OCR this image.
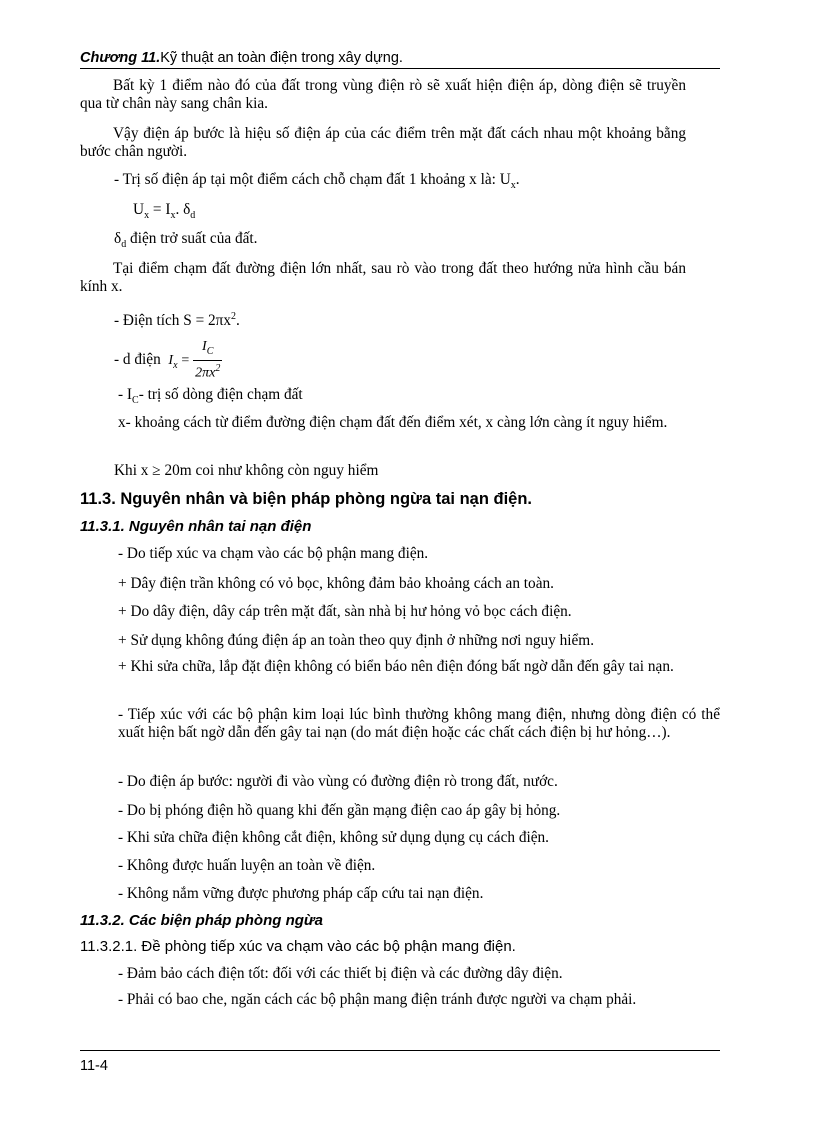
Chương 11.Kỹ thuật an toàn điện trong xây dựng.
Bất kỳ 1 điểm nào đó của đất trong vùng điện rò sẽ xuất hiện điện áp, dòng điện sẽ truyền qua từ chân này sang chân kia.
Vậy điện áp bước là hiệu số điện áp của các điểm trên mặt đất cách nhau một khoảng bằng bước chân người.
- Trị số điện áp tại một điểm cách chỗ chạm đất 1 khoảng x là: $U_x$.
$U_x = I_x$. $\delta_d$
$\delta_d$ điện trở suất của đất.
Tại điểm chạm đất đường điện lớn nhất, sau rò vào trong đất theo hướng nửa hình cầu bán kính x.
- Điện tích $S = 2\pi x^2$.
- d điện $I_x = \frac{I_C}{2\pi x^2}$
- $I_C-$ trị số dòng điện chạm đất
x- khoảng cách từ điểm đường điện chạm đất đến điểm xét, x càng lớn càng ít nguy hiểm.
Khi x ≥ 20m coi như không còn nguy hiểm
11.3. Nguyên nhân và biện pháp phòng ngừa tai nạn điện.
11.3.1. Nguyên nhân tai nạn điện
- Do tiếp xúc va chạm vào các bộ phận mang điện.
+ Dây điện trần không có vỏ bọc, không đảm bảo khoảng cách an toàn.
+ Do dây điện, dây cáp trên mặt đất, sàn nhà bị hư hỏng vỏ bọc cách điện.
+ Sử dụng không đúng điện áp an toàn theo quy định ở những nơi nguy hiểm.
+ Khi sửa chữa, lắp đặt điện không có biển báo nên điện đóng bất ngờ dẫn đến gây tai nạn.
- Tiếp xúc với các bộ phận kim loại lúc bình thường không mang điện, nhưng dòng điện có thể xuất hiện bất ngờ dẫn đến gây tai nạn (do mát điện hoặc các chất cách điện bị hư hỏng…).
- Do điện áp bước: người đi vào vùng có đường điện rò trong đất, nước.
- Do bị phóng điện hồ quang khi đến gần mạng điện cao áp gây bị hỏng.
- Khi sửa chữa điện không cắt điện, không sử dụng dụng cụ cách điện.
- Không được huấn luyện an toàn về điện.
- Không nắm vững được phương pháp cấp cứu tai nạn điện.
11.3.2. Các biện pháp phòng ngừa
11.3.2.1. Đề phòng tiếp xúc va chạm vào các bộ phận mang điện.
- Đảm bảo cách điện tốt: đối với các thiết bị điện và các đường dây điện.
- Phải có bao che, ngăn cách các bộ phận mang điện tránh được người va chạm phải.
11-4
